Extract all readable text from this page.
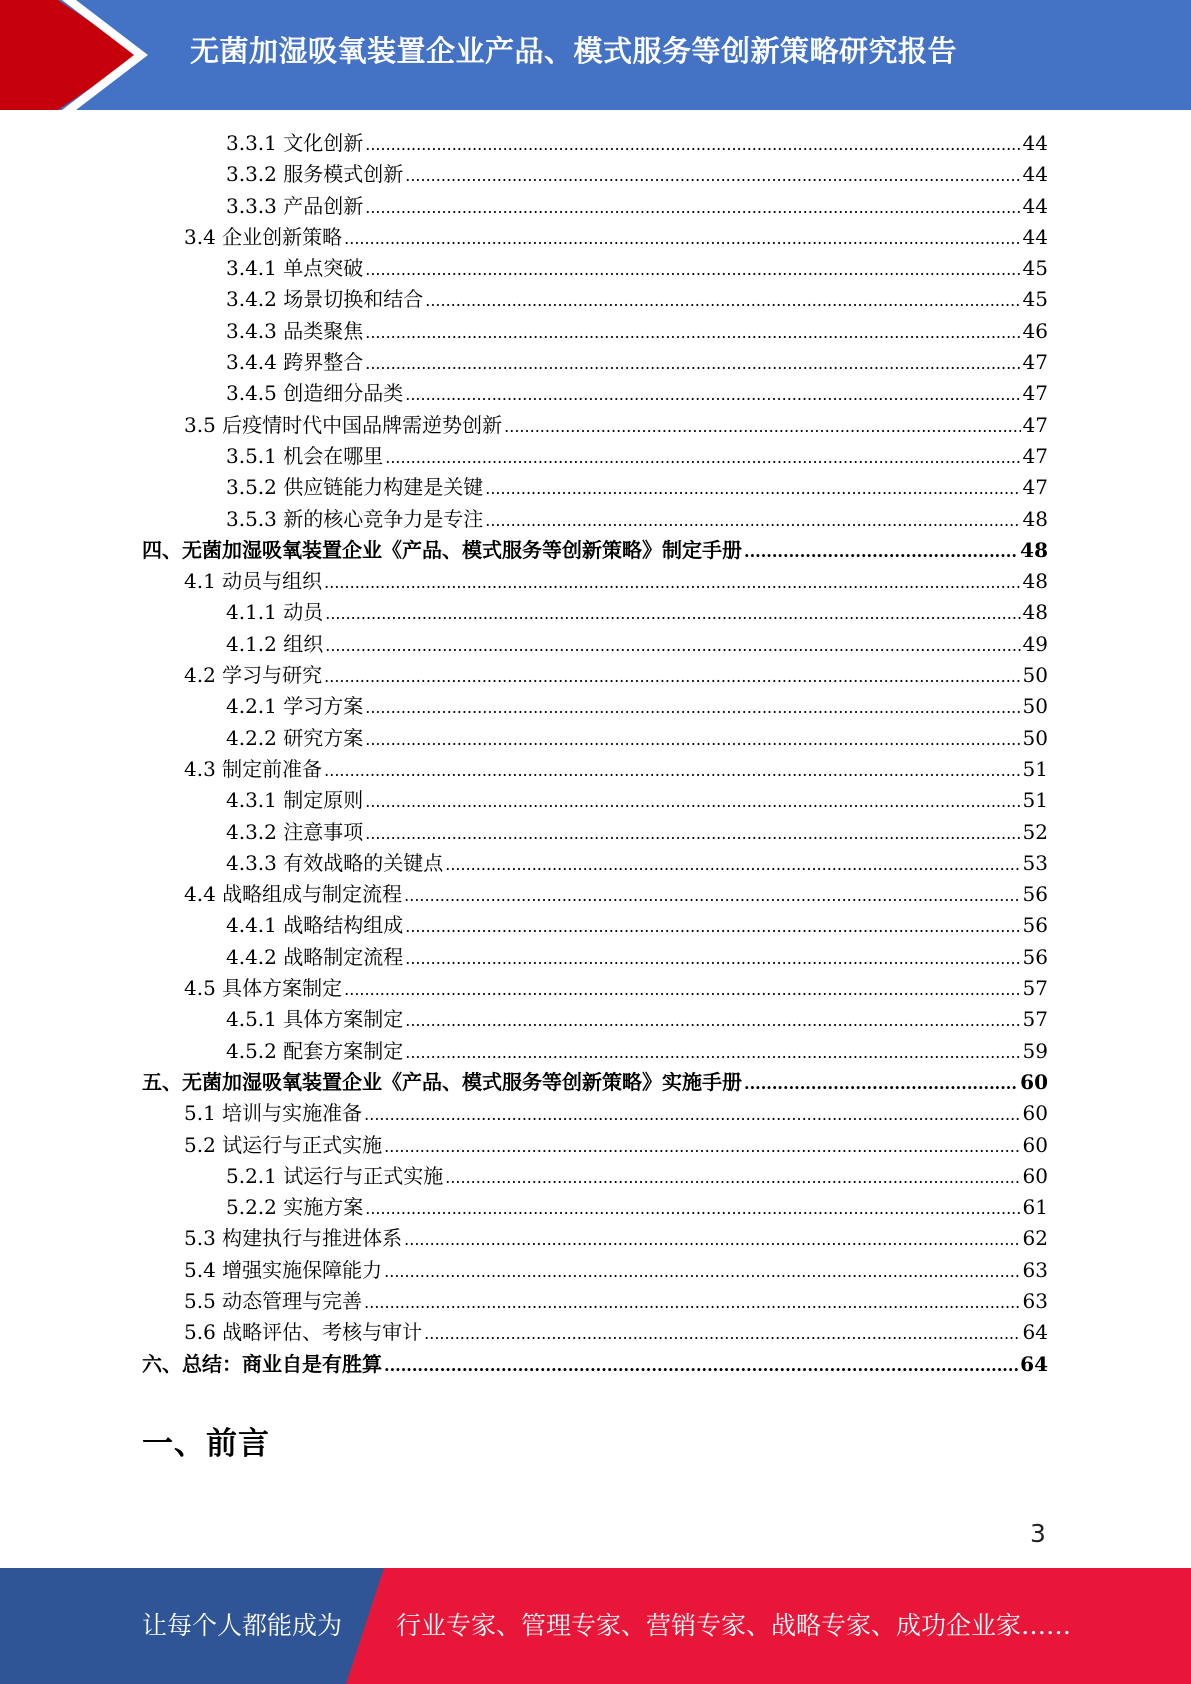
无菌加湿吸氧装置企业产品、模式服务等创新策略研究报告
3.3.1 文化创新 .....	44
3.3.2 服务模式创新 .....	44
3.3.3 产品创新 .....	44
3.4 企业创新策略 .....	44
3.4.1 单点突破 .....	45
3.4.2 场景切换和结合 .....	45
3.4.3 品类聚焦 .....	46
3.4.4 跨界整合 .....	47
3.4.5 创造细分品类 .....	47
3.5 后疫情时代中国品牌需逆势创新 .....	47
3.5.1 机会在哪里 .....	47
3.5.2 供应链能力构建是关键 .....	47
3.5.3 新的核心竞争力是专注 .....	48
四、无菌加湿吸氧装置企业《产品、模式服务等创新策略》制定手册 .....	48
4.1 动员与组织 .....	48
4.1.1 动员 .....	48
4.1.2 组织 .....	49
4.2 学习与研究 .....	50
4.2.1 学习方案 .....	50
4.2.2 研究方案 .....	50
4.3 制定前准备 .....	51
4.3.1 制定原则 .....	51
4.3.2 注意事项 .....	52
4.3.3 有效战略的关键点 .....	53
4.4 战略组成与制定流程 .....	56
4.4.1 战略结构组成 .....	56
4.4.2 战略制定流程 .....	56
4.5 具体方案制定 .....	57
4.5.1 具体方案制定 .....	57
4.5.2 配套方案制定 .....	59
五、无菌加湿吸氧装置企业《产品、模式服务等创新策略》实施手册 .....	60
5.1 培训与实施准备 .....	60
5.2 试运行与正式实施 .....	60
5.2.1 试运行与正式实施 .....	60
5.2.2 实施方案 .....	61
5.3 构建执行与推进体系 .....	62
5.4 增强实施保障能力 .....	63
5.5 动态管理与完善 .....	63
5.6 战略评估、考核与审计 .....	64
六、总结：商业自是有胜算 .....	64
一、前言
3
让每个人都能成为 行业专家、管理专家、营销专家、战略专家、成功企业家……
